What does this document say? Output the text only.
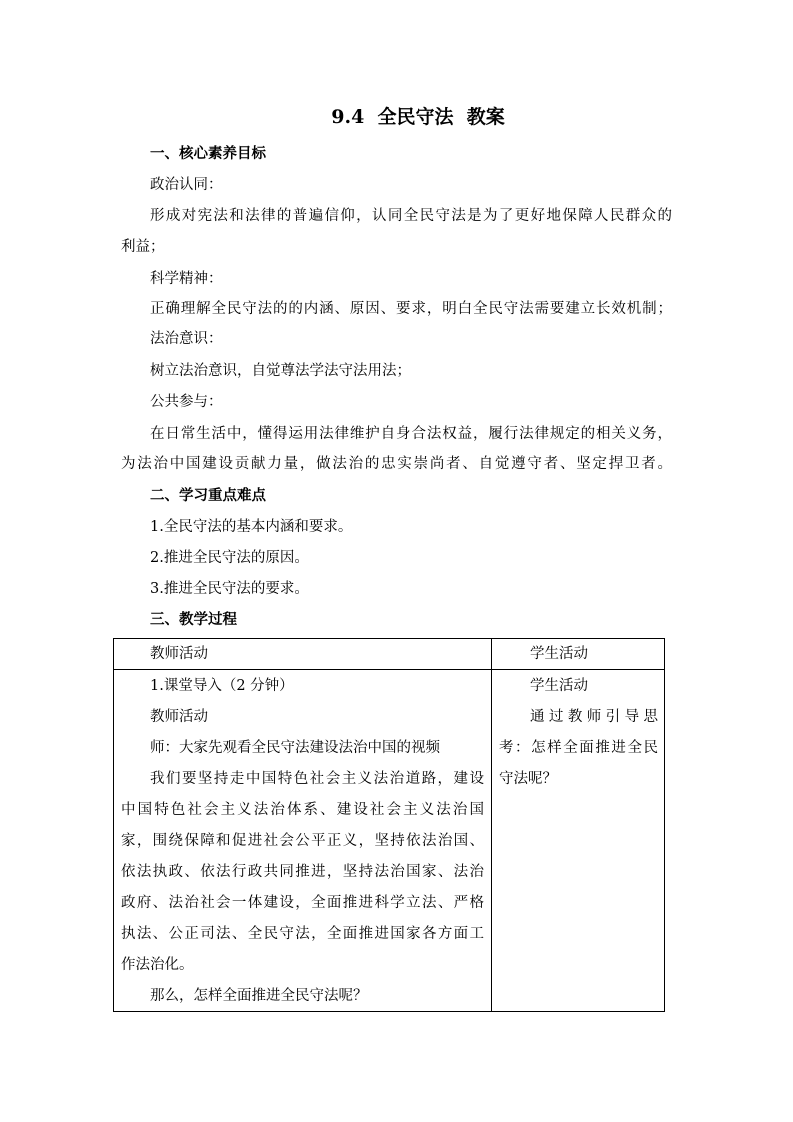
9.4  全民守法  教案
一、核心素养目标
政治认同：
形成对宪法和法律的普遍信仰，认同全民守法是为了更好地保障人民群众的
利益；
科学精神：
正确理解全民守法的的内涵、原因、要求，明白全民守法需要建立长效机制；
法治意识：
树立法治意识，自觉尊法学法守法用法；
公共参与：
在日常生活中，懂得运用法律维护自身合法权益，履行法律规定的相关义务，
为法治中国建设贡献力量，做法治的忠实崇尚者、自觉遵守者、坚定捍卫者。
二、学习重点难点
1.全民守法的基本内涵和要求。
2.推进全民守法的原因。
3.推进全民守法的要求。
三、教学过程
教师活动	学生活动
1.课堂导入（2 分钟）
教师活动
师：大家先观看全民守法建设法治中国的视频
我们要坚持走中国特色社会主义法治道路，建设
中国特色社会主义法治体系、建设社会主义法治国
家，围绕保障和促进社会公平正义，坚持依法治国、
依法执政、依法行政共同推进，坚持法治国家、法治
政府、法治社会一体建设，全面推进科学立法、严格
执法、公正司法、全民守法，全面推进国家各方面工
作法治化。
那么，怎样全面推进全民守法呢？
学生活动
通过教师引导思
考：怎样全面推进全民
守法呢？
